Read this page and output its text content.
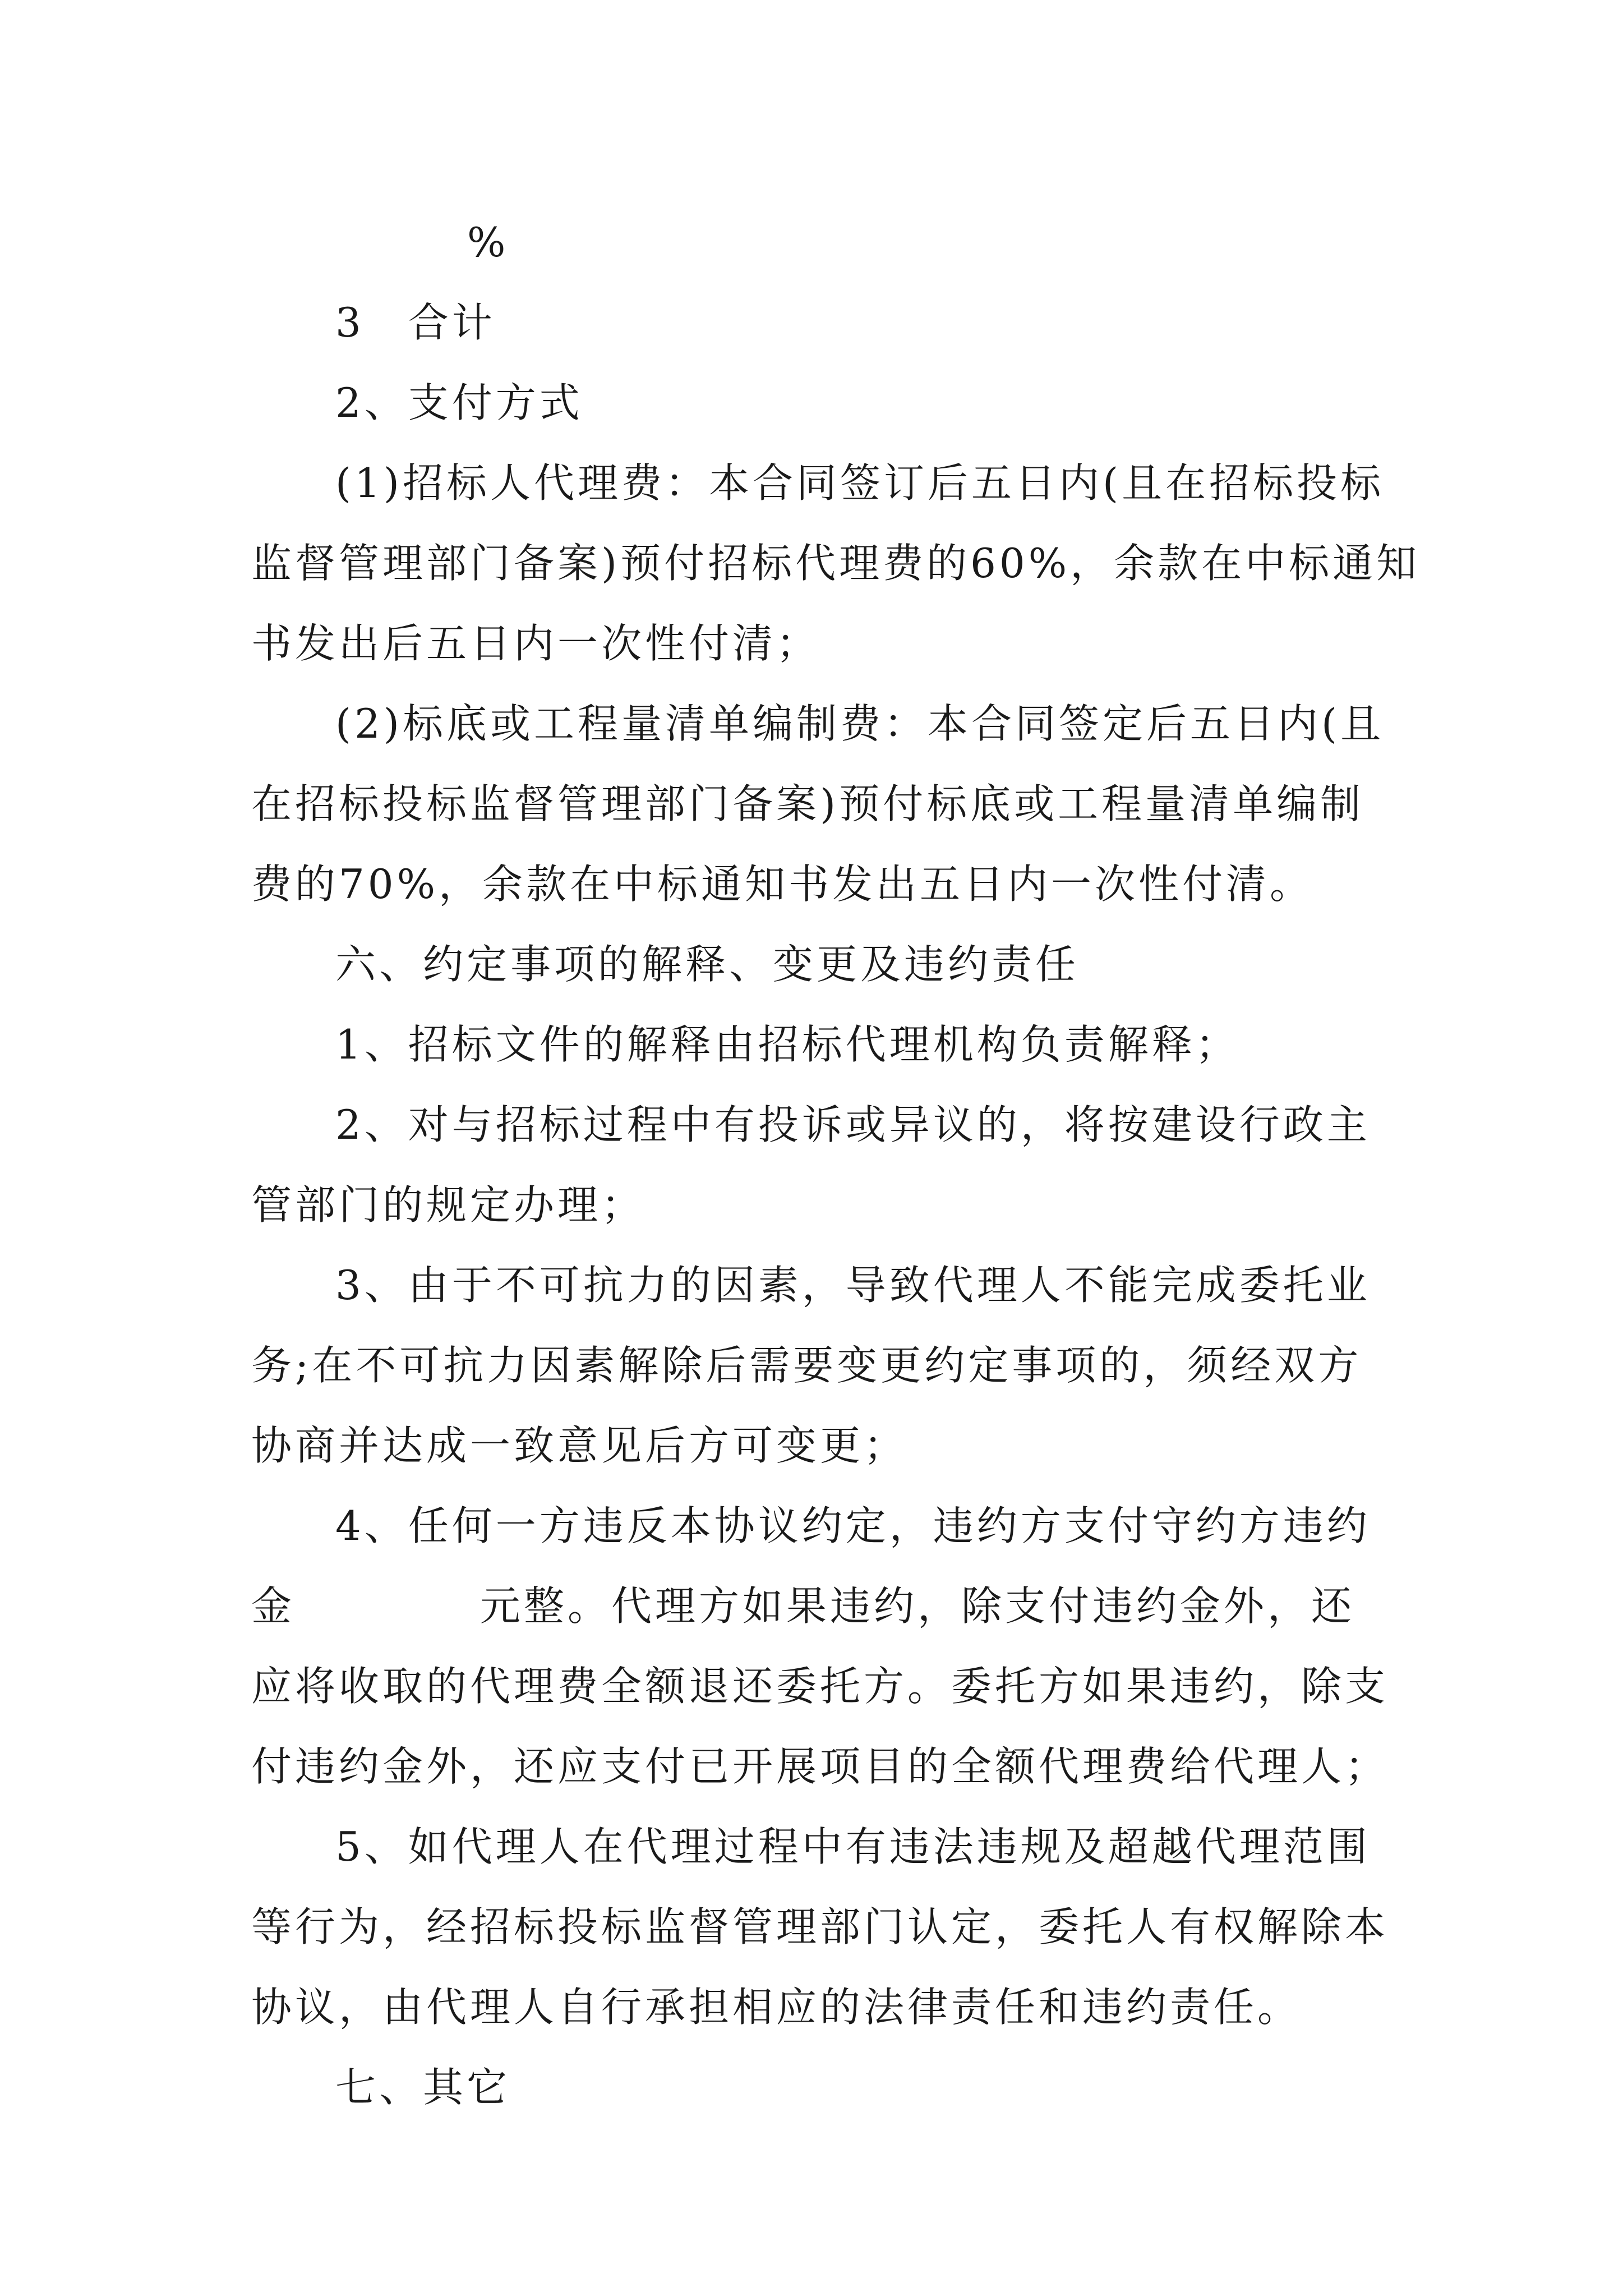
%
3　合计
2、支付方式
(1)招标人代理费：本合同签订后五日内(且在招标投标
监督管理部门备案)预付招标代理费的60%，余款在中标通知
书发出后五日内一次性付清；
(2)标底或工程量清单编制费：本合同签定后五日内(且
在招标投标监督管理部门备案)预付标底或工程量清单编制
费的70%，余款在中标通知书发出五日内一次性付清。
六、约定事项的解释、变更及违约责任
1、招标文件的解释由招标代理机构负责解释；
2、对与招标过程中有投诉或异议的，将按建设行政主
管部门的规定办理；
3、由于不可抗力的因素，导致代理人不能完成委托业
务;在不可抗力因素解除后需要变更约定事项的，须经双方
协商并达成一致意见后方可变更；
4、任何一方违反本协议约定，违约方支付守约方违约
金	元整。代理方如果违约，除支付违约金外，还
应将收取的代理费全额退还委托方。委托方如果违约，除支
付违约金外，还应支付已开展项目的全额代理费给代理人；
5、如代理人在代理过程中有违法违规及超越代理范围
等行为，经招标投标监督管理部门认定，委托人有权解除本
协议，由代理人自行承担相应的法律责任和违约责任。
七、其它
